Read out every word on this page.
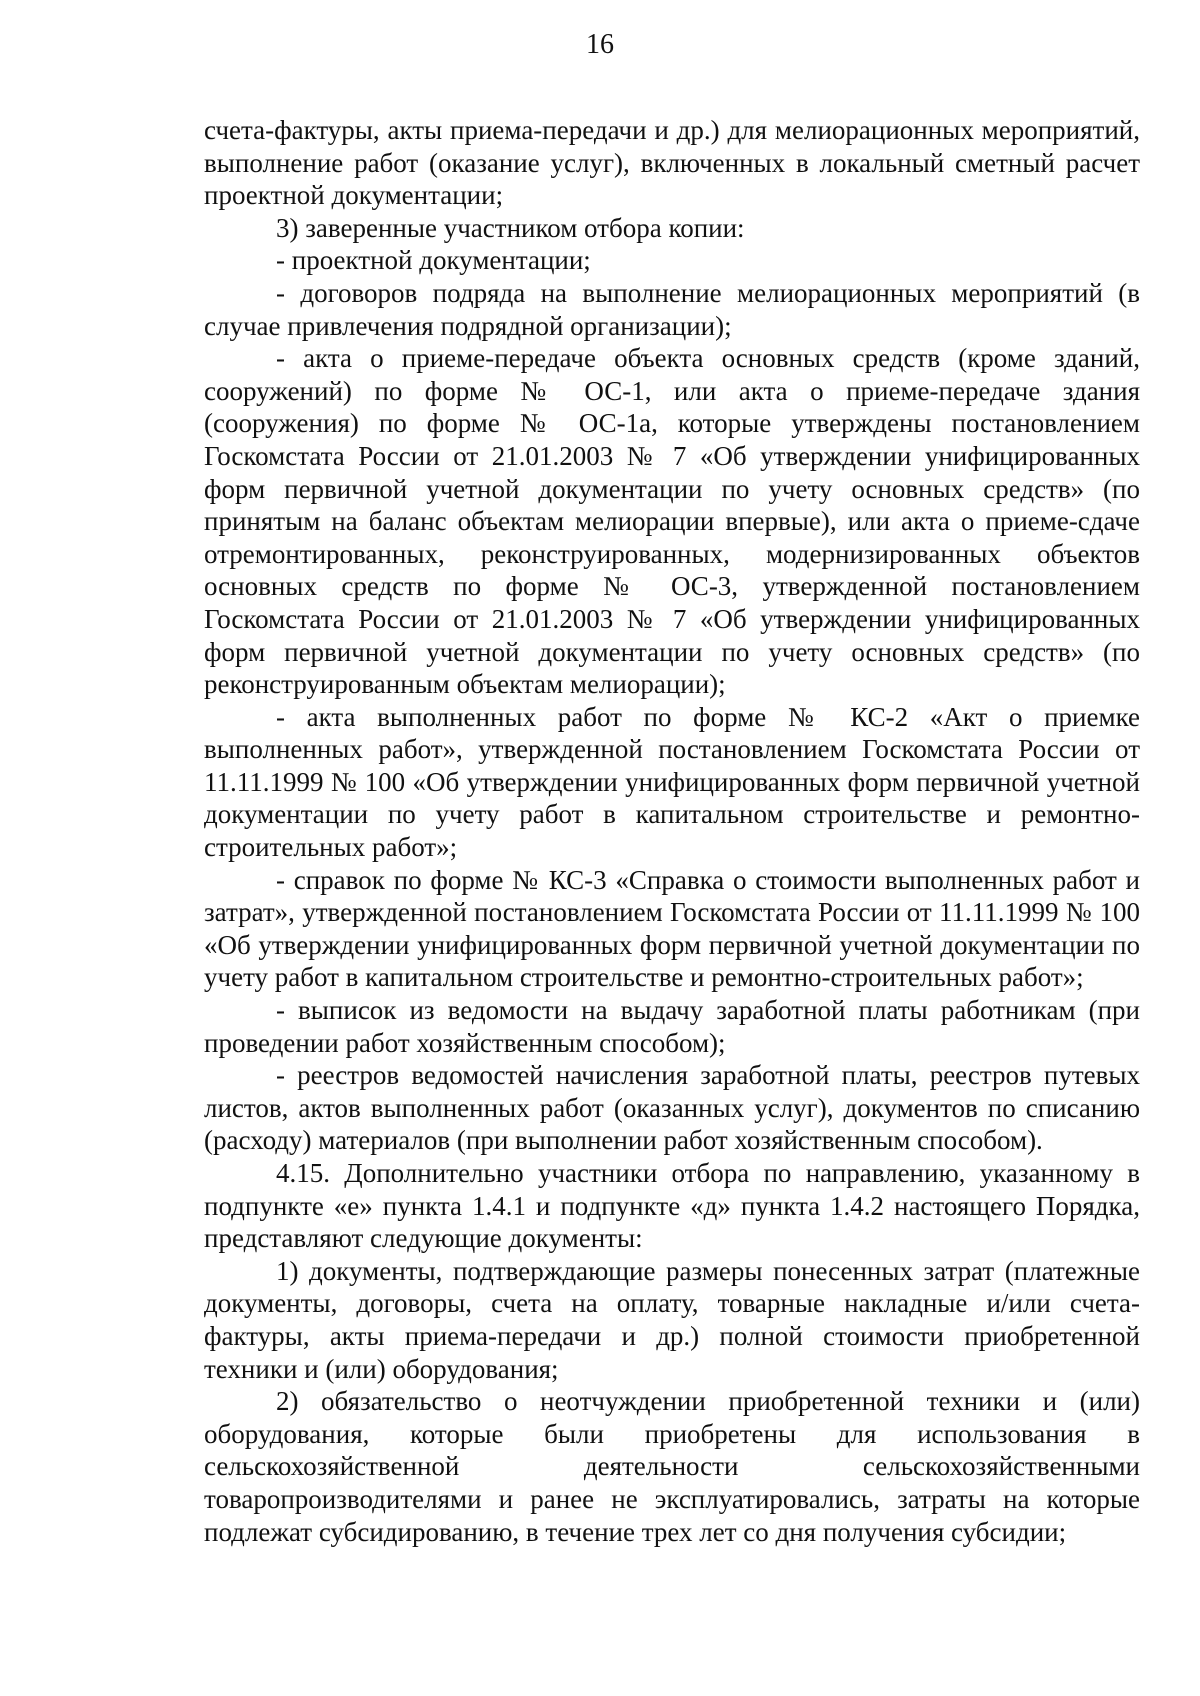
16

счета-фактуры, акты приема-передачи и др.) для мелиорационных мероприятий, выполнение работ (оказание услуг), включенных в локальный сметный расчет проектной документации;

3) заверенные участником отбора копии:

- проектной документации;

- договоров подряда на выполнение мелиорационных мероприятий (в случае привлечения подрядной организации);

- акта о приеме-передаче объекта основных средств (кроме зданий, сооружений) по форме № ОС-1, или акта о приеме-передаче здания (сооружения) по форме № ОС-1а, которые утверждены постановлением Госкомстата России от 21.01.2003 № 7 «Об утверждении унифицированных форм первичной учетной документации по учету основных средств» (по принятым на баланс объектам мелиорации впервые), или акта о приеме-сдаче отремонтированных, реконструированных, модернизированных объектов основных средств по форме № ОС-3, утвержденной постановлением Госкомстата России от 21.01.2003 № 7 «Об утверждении унифицированных форм первичной учетной документации по учету основных средств» (по реконструированным объектам мелиорации);

- акта выполненных работ по форме № КС-2 «Акт о приемке выполненных работ», утвержденной постановлением Госкомстата России от 11.11.1999 № 100 «Об утверждении унифицированных форм первичной учетной документации по учету работ в капитальном строительстве и ремонтно-строительных работ»;

- справок по форме № КС-3 «Справка о стоимости выполненных работ и затрат», утвержденной постановлением Госкомстата России от 11.11.1999 № 100 «Об утверждении унифицированных форм первичной учетной документации по учету работ в капитальном строительстве и ремонтно-строительных работ»;

- выписок из ведомости на выдачу заработной платы работникам (при проведении работ хозяйственным способом);

- реестров ведомостей начисления заработной платы, реестров путевых листов, актов выполненных работ (оказанных услуг), документов по списанию (расходу) материалов (при выполнении работ хозяйственным способом).

4.15. Дополнительно участники отбора по направлению, указанному в подпункте «е» пункта 1.4.1 и подпункте «д» пункта 1.4.2 настоящего Порядка, представляют следующие документы:

1) документы, подтверждающие размеры понесенных затрат (платежные документы, договоры, счета на оплату, товарные накладные и/или счета-фактуры, акты приема-передачи и др.) полной стоимости приобретенной техники и (или) оборудования;

2) обязательство о неотчуждении приобретенной техники и (или) оборудования, которые были приобретены для использования в сельскохозяйственной деятельности сельскохозяйственными товаропроизводителями и ранее не эксплуатировались, затраты на которые подлежат субсидированию, в течение трех лет со дня получения субсидии;
